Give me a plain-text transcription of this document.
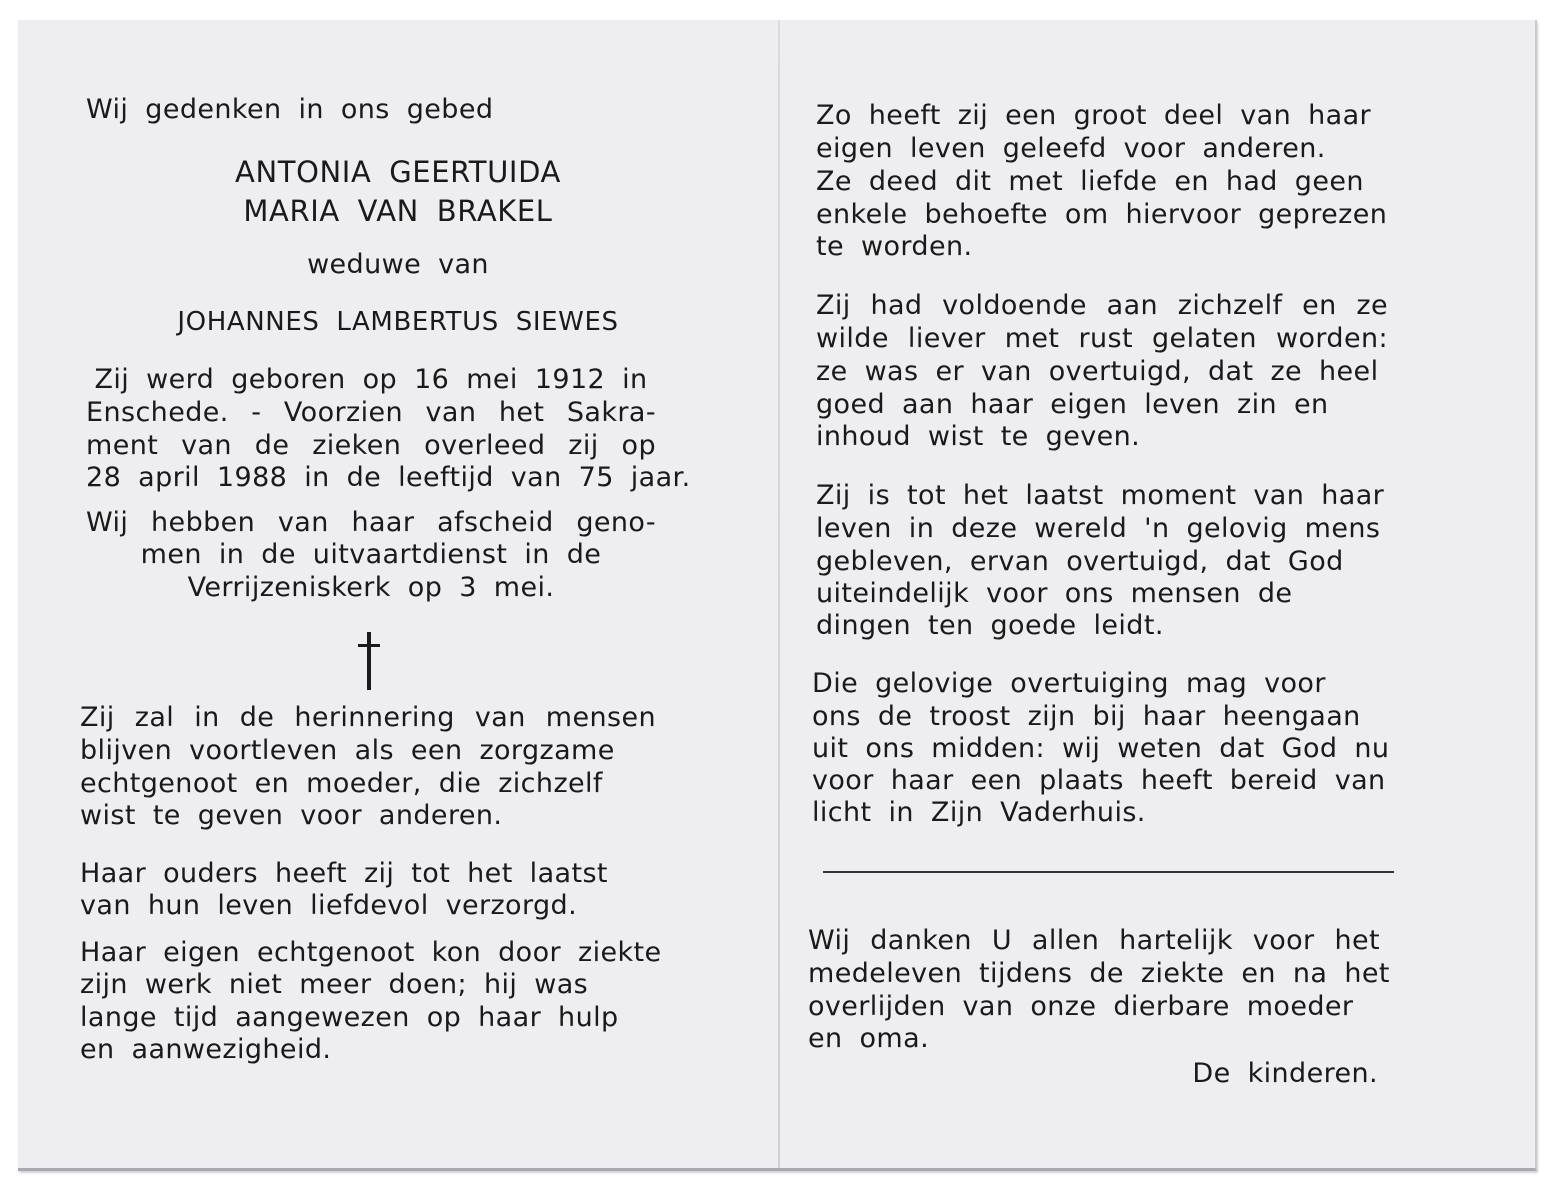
Wij gedenken in ons gebed
ANTONIA GEERTUIDA
MARIA VAN BRAKEL
weduwe van
JOHANNES LAMBERTUS SIEWES
Zij werd geboren op 16 mei 1912 in
Enschede. - Voorzien van het Sakra-
ment van de zieken overleed zij op
28 april 1988 in de leeftijd van 75 jaar.
Wij hebben van haar afscheid geno-
men in de uitvaartdienst in de
Verrijzeniskerk op 3 mei.
Zij zal in de herinnering van mensen
blijven voortleven als een zorgzame
echtgenoot en moeder, die zichzelf
wist te geven voor anderen.
Haar ouders heeft zij tot het laatst
van hun leven liefdevol verzorgd.
Haar eigen echtgenoot kon door ziekte
zijn werk niet meer doen; hij was
lange tijd aangewezen op haar hulp
en aanwezigheid.
Zo heeft zij een groot deel van haar
eigen leven geleefd voor anderen.
Ze deed dit met liefde en had geen
enkele behoefte om hiervoor geprezen
te worden.
Zij had voldoende aan zichzelf en ze
wilde liever met rust gelaten worden:
ze was er van overtuigd, dat ze heel
goed aan haar eigen leven zin en
inhoud wist te geven.
Zij is tot het laatst moment van haar
leven in deze wereld 'n gelovig mens
gebleven, ervan overtuigd, dat God
uiteindelijk voor ons mensen de
dingen ten goede leidt.
Die gelovige overtuiging mag voor
ons de troost zijn bij haar heengaan
uit ons midden: wij weten dat God nu
voor haar een plaats heeft bereid van
licht in Zijn Vaderhuis.
Wij danken U allen hartelijk voor het
medeleven tijdens de ziekte en na het
overlijden van onze dierbare moeder
en oma.
De kinderen.
